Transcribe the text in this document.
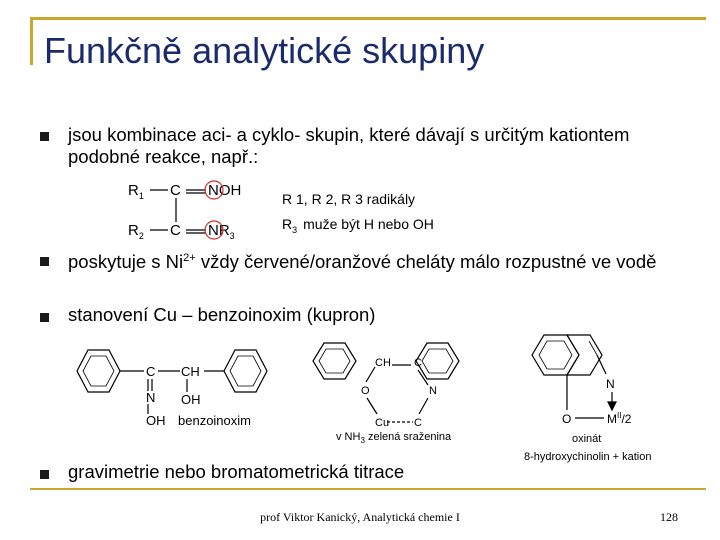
Funkčně analytické skupiny
jsou kombinace aci- a cyklo- skupin, které dávají s určitým kationtem podobné reakce, např.:
poskytuje s $Ni^{2+}$ vždy červené/oranžové cheláty málo rozpustné ve vodě
stanovení Cu – benzoinoxim (kupron)
gravimetrie nebo bromatometrická titrace
$R_1$ C NOH
$R_2$ C $NR_3$
R 1, R 2, R 3 radikály
$R_3$ muže být H nebo OH
C CH
N OH
OH benzoinoxim
CH C
O	N
Cu C
v $NH_3$ zelená sraženina
N
O	$M^{II}/2$
oxinát
8-hydroxychinolin + kation
prof Viktor Kanický, Analytická chemie I	128
